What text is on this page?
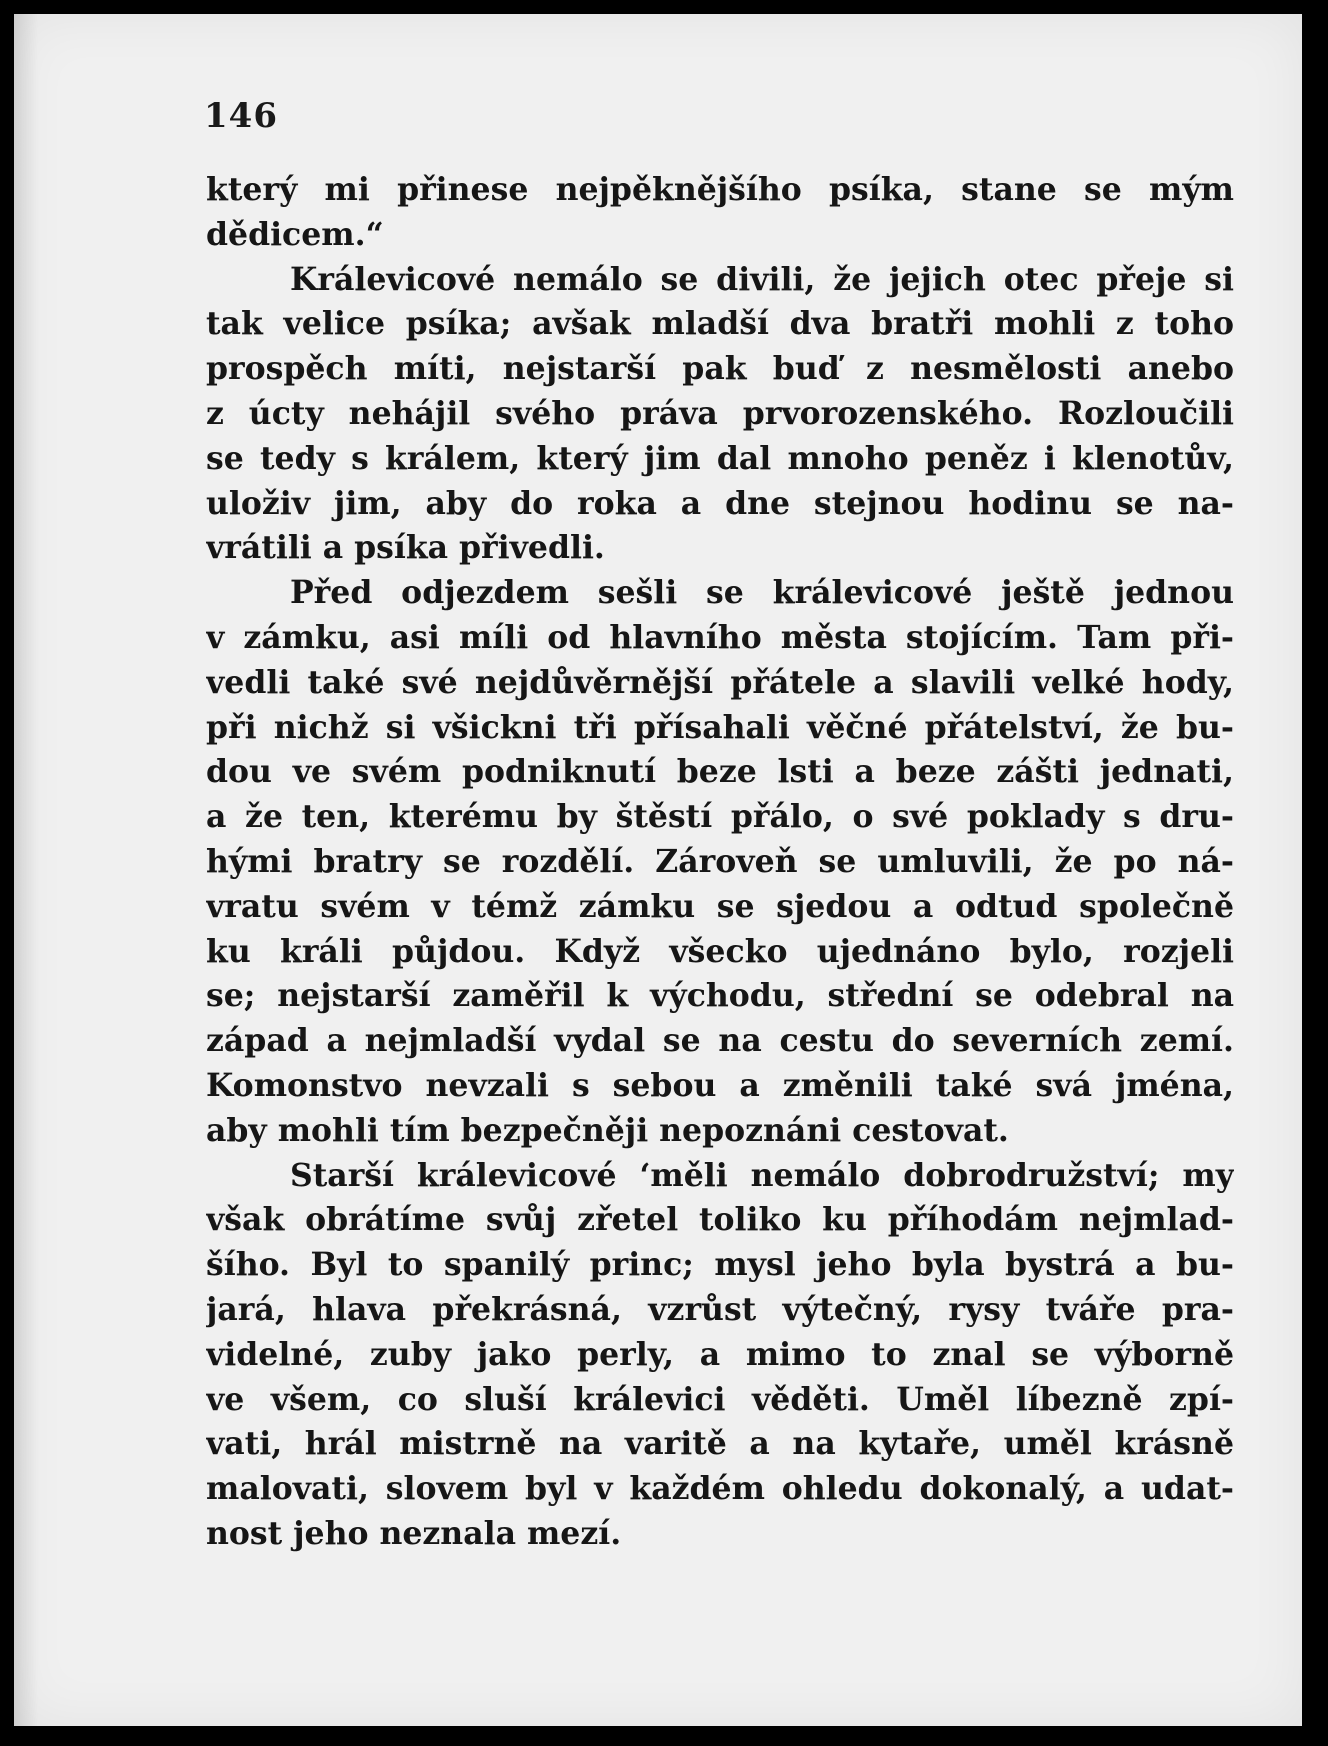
146
který mi přinese nejpěknějšího psíka, stane se mým
dědicem.“
Králevicové nemálo se divili, že jejich otec přeje si
tak velice psíka; avšak mladší dva bratři mohli z toho
prospěch míti, nejstarší pak buď z nesmělosti anebo
z úcty nehájil svého práva prvorozenského. Rozloučili
se tedy s králem, který jim dal mnoho peněz i klenotův,
uloživ jim, aby do roka a dne stejnou hodinu se na-
vrátili a psíka přivedli.
Před odjezdem sešli se králevicové ještě jednou
v zámku, asi míli od hlavního města stojícím. Tam při-
vedli také své nejdůvěrnější přátele a slavili velké hody,
při nichž si všickni tři přísahali věčné přátelství, že bu-
dou ve svém podniknutí beze lsti a beze zášti jednati,
a že ten, kterému by štěstí přálo, o své poklady s dru-
hými bratry se rozdělí. Zároveň se umluvili, že po ná-
vratu svém v témž zámku se sjedou a odtud společně
ku králi půjdou. Když všecko ujednáno bylo, rozjeli
se; nejstarší zaměřil k východu, střední se odebral na
západ a nejmladší vydal se na cestu do severních zemí.
Komonstvo nevzali s sebou a změnili také svá jména,
aby mohli tím bezpečněji nepoznáni cestovat.
Starší králevicové ‘měli nemálo dobrodružství; my
však obrátíme svůj zřetel toliko ku příhodám nejmlad-
šího. Byl to spanilý princ; mysl jeho byla bystrá a bu-
jará, hlava překrásná, vzrůst výtečný, rysy tváře pra-
videlné, zuby jako perly, a mimo to znal se výborně
ve všem, co sluší králevici věděti. Uměl líbezně zpí-
vati, hrál mistrně na varitě a na kytaře, uměl krásně
malovati, slovem byl v každém ohledu dokonalý, a udat-
nost jeho neznala mezí.
